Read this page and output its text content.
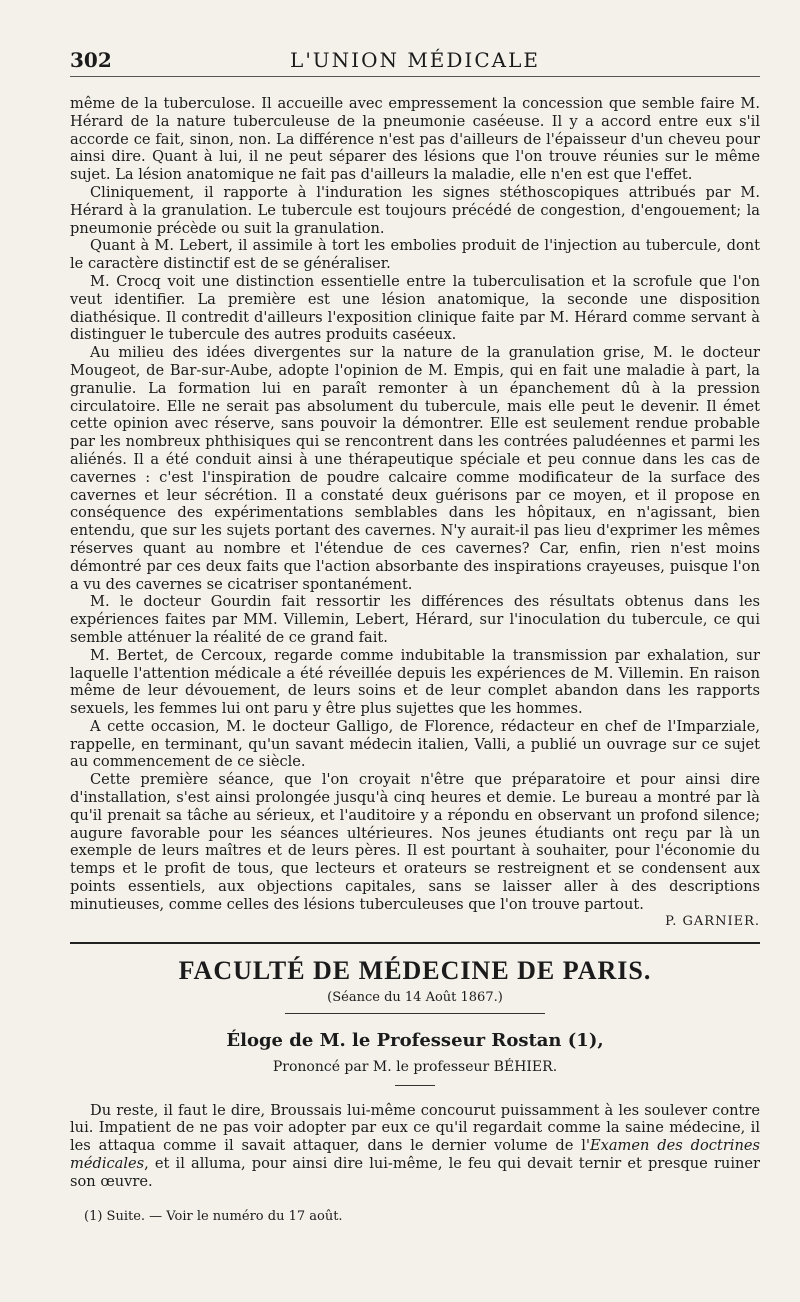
302	L'UNION MÉDICALE

même de la tuberculose. Il accueille avec empressement la concession que semble faire M. Hérard de la nature tuberculeuse de la pneumonie caséeuse. Il y a accord entre eux s'il accorde ce fait, sinon, non. La différence n'est pas d'ailleurs de l'épaisseur d'un cheveu pour ainsi dire. Quant à lui, il ne peut séparer des lésions que l'on trouve réunies sur le même sujet. La lésion anatomique ne fait pas d'ailleurs la maladie, elle n'en est que l'effet.

Cliniquement, il rapporte à l'induration les signes stéthoscopiques attribués par M. Hérard à la granulation. Le tubercule est toujours précédé de congestion, d'engouement; la pneumonie précède ou suit la granulation.

Quant à M. Lebert, il assimile à tort les embolies produit de l'injection au tubercule, dont le caractère distinctif est de se généraliser.

M. Crocq voit une distinction essentielle entre la tuberculisation et la scrofule que l'on veut identifier. La première est une lésion anatomique, la seconde une disposition diathésique. Il contredit d'ailleurs l'exposition clinique faite par M. Hérard comme servant à distinguer le tubercule des autres produits caséeux.

Au milieu des idées divergentes sur la nature de la granulation grise, M. le docteur Mougeot, de Bar-sur-Aube, adopte l'opinion de M. Empis, qui en fait une maladie à part, la granulie. La formation lui en paraît remonter à un épanchement dû à la pression circulatoire. Elle ne serait pas absolument du tubercule, mais elle peut le devenir. Il émet cette opinion avec réserve, sans pouvoir la démontrer. Elle est seulement rendue probable par les nombreux phthisiques qui se rencontrent dans les contrées paludéennes et parmi les aliénés. Il a été conduit ainsi à une thérapeutique spéciale et peu connue dans les cas de cavernes : c'est l'inspiration de poudre calcaire comme modificateur de la surface des cavernes et leur sécrétion. Il a constaté deux guérisons par ce moyen, et il propose en conséquence des expérimentations semblables dans les hôpitaux, en n'agissant, bien entendu, que sur les sujets portant des cavernes. N'y aurait-il pas lieu d'exprimer les mêmes réserves quant au nombre et l'étendue de ces cavernes? Car, enfin, rien n'est moins démontré par ces deux faits que l'action absorbante des inspirations crayeuses, puisque l'on a vu des cavernes se cicatriser spontanément.

M. le docteur Gourdin fait ressortir les différences des résultats obtenus dans les expériences faites par MM. Villemin, Lebert, Hérard, sur l'inoculation du tubercule, ce qui semble atténuer la réalité de ce grand fait.

M. Bertet, de Cercoux, regarde comme indubitable la transmission par exhalation, sur laquelle l'attention médicale a été réveillée depuis les expériences de M. Villemin. En raison même de leur dévouement, de leurs soins et de leur complet abandon dans les rapports sexuels, les femmes lui ont paru y être plus sujettes que les hommes.

A cette occasion, M. le docteur Galligo, de Florence, rédacteur en chef de l'Imparziale, rappelle, en terminant, qu'un savant médecin italien, Valli, a publié un ouvrage sur ce sujet au commencement de ce siècle.

Cette première séance, que l'on croyait n'être que préparatoire et pour ainsi dire d'installation, s'est ainsi prolongée jusqu'à cinq heures et demie. Le bureau a montré par là qu'il prenait sa tâche au sérieux, et l'auditoire y a répondu en observant un profond silence; augure favorable pour les séances ultérieures. Nos jeunes étudiants ont reçu par là un exemple de leurs maîtres et de leurs pères. Il est pourtant à souhaiter, pour l'économie du temps et le profit de tous, que lecteurs et orateurs se restreignent et se condensent aux points essentiels, aux objections capitales, sans se laisser aller à des descriptions minutieuses, comme celles des lésions tuberculeuses que l'on trouve partout.

P. GARNIER.

FACULTÉ DE MÉDECINE DE PARIS.
(Séance du 14 Août 1867.)
Éloge de M. le Professeur Rostan (1),
Prononcé par M. le professeur BÉHIER.

Du reste, il faut le dire, Broussais lui-même concourut puissamment à les soulever contre lui. Impatient de ne pas voir adopter par eux ce qu'il regardait comme la saine médecine, il les attaqua comme il savait attaquer, dans le dernier volume de l'Examen des doctrines médicales, et il alluma, pour ainsi dire lui-même, le feu qui devait ternir et presque ruiner son œuvre.

(1) Suite. — Voir le numéro du 17 août.
